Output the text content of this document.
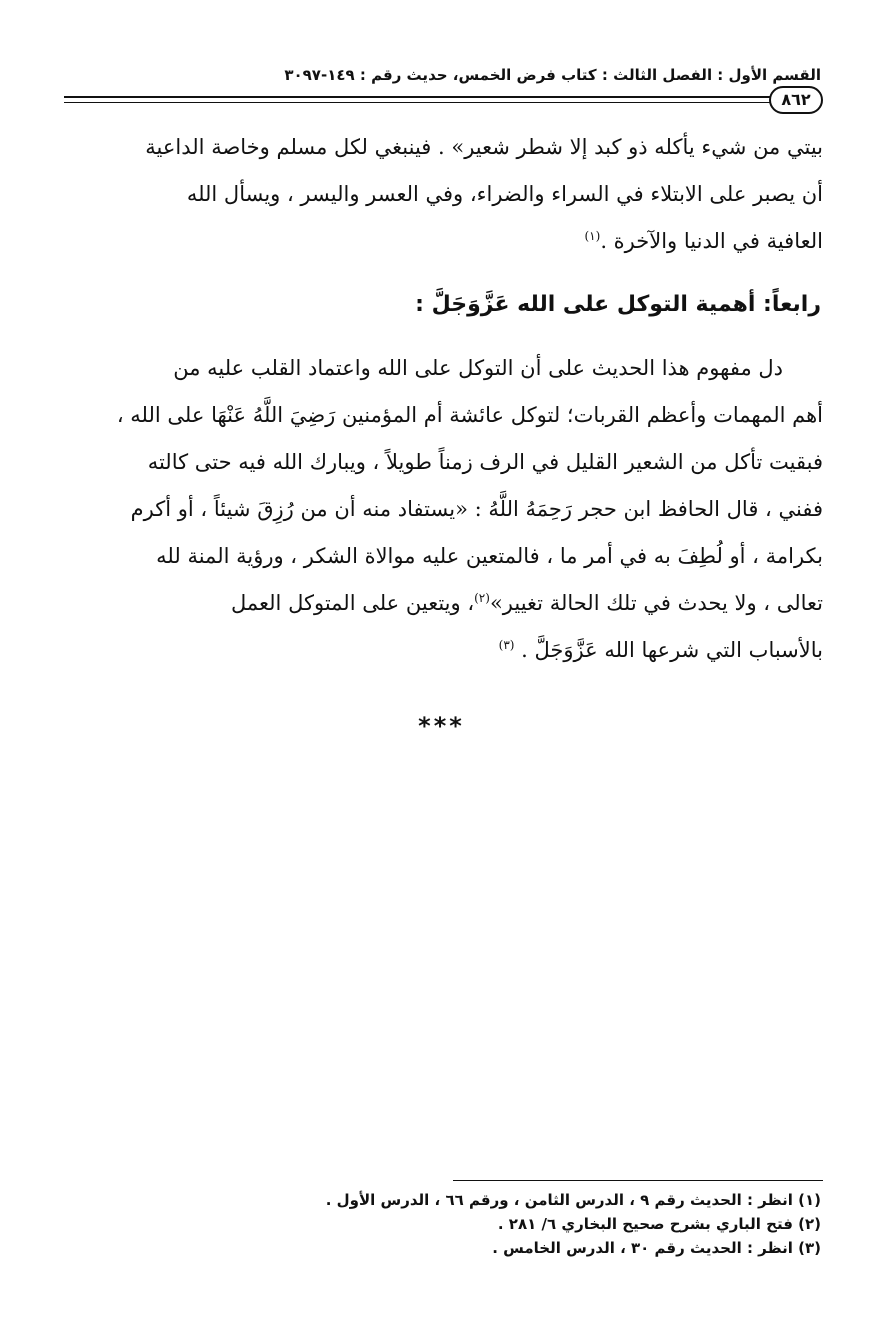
القسم الأول : الفصل الثالث : كتاب فرض الخمس، حديث رقم : ١٤٩-٣٠٩٧
٨٦٢
بيتي من شيء يأكله ذو كبد إلا شطر شعير» . فينبغي لكل مسلم وخاصة الداعية
أن يصبر على الابتلاء في السراء والضراء، وفي العسر واليسر ، ويسأل الله
العافية في الدنيا والآخرة .$^{(١)}$
رابعاً: أهمية التوكل على الله عَزَّوَجَلَّ :
دل مفهوم هذا الحديث على أن التوكل على الله واعتماد القلب عليه من
أهم المهمات وأعظم القربات؛ لتوكل عائشة أم المؤمنين رَضِيَ اللَّهُ عَنْهَا على الله ،
فبقيت تأكل من الشعير القليل في الرف زمناً طويلاً ، ويبارك الله فيه حتى كالته
ففني ، قال الحافظ ابن حجر رَحِمَهُ اللَّهُ : «يستفاد منه أن من رُزِقَ شيئاً ، أو أكرم
بكرامة ، أو لُطِفَ به في أمر ما ، فالمتعين عليه موالاة الشكر ، ورؤية المنة لله
تعالى ، ولا يحدث في تلك الحالة تغيير»$^{(٢)}$، ويتعين على المتوكل العمل
بالأسباب التي شرعها الله عَزَّوَجَلَّ . $^{(٣)}$
***
(١) انظر : الحديث رقم ٩ ، الدرس الثامن ، ورقم ٦٦ ، الدرس الأول .
(٢) فتح الباري بشرح صحيح البخاري ٦/ ٢٨١ .
(٣) انظر : الحديث رقم ٣٠ ، الدرس الخامس .
